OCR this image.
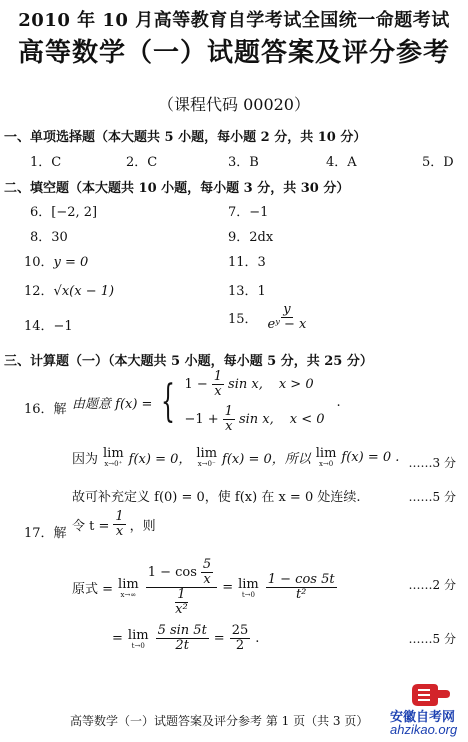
2010 年 10 月高等教育自学考试全国统一命题考试
高等数学（一）试题答案及评分参考
（课程代码 00020）
一、单项选择题（本大题共 5 小题，每小题 2 分，共 10 分）
1．C	2．C	3．B	4．A	5．D
二、填空题（本大题共 10 小题，每小题 3 分，共 30 分）
6．[−2, 2]	7．−1
8．30	9．2dx
10．y = 0	11．3
12．√x(x − 1)	13．1
14．−1	15． $\frac{y}{\text{eʸ − x}}$
三、计算题（一）（本大题共 5 小题，每小题 5 分，共 25 分）
16．解 由题意 f(x) = { $1 - \frac{1}{x}$ sin x, x > 0
$-1 + \frac{1}{x}$ sin x, x < 0
.
因为 lim
x→0⁺ f(x) = 0， lim
x→0⁻ f(x) = 0，所以 lim
x→0 f(x) = 0 . ……3 分
故可补充定义 f(0) = 0，使 f(x) 在 x = 0 处连续.	……5 分
17．解 令 $t = \frac{1}{x}$ ，则
原式 = lim
$x\to\infty \frac{1 - \cos \frac{5}{x}}{\frac{1}{\text{x²}}} = \lim$
$t\to 0 \frac{1 - \cos 5t}{\text{t²}}$	……2 分
= lim
$t\to 0 \frac{5 \sin 5t}{2t} = \frac{25}{2}$ .	……5 分
高等数学（一）试题答案及评分参考 第 1 页（共 3 页） 安徽自考网
ahzikao.org
